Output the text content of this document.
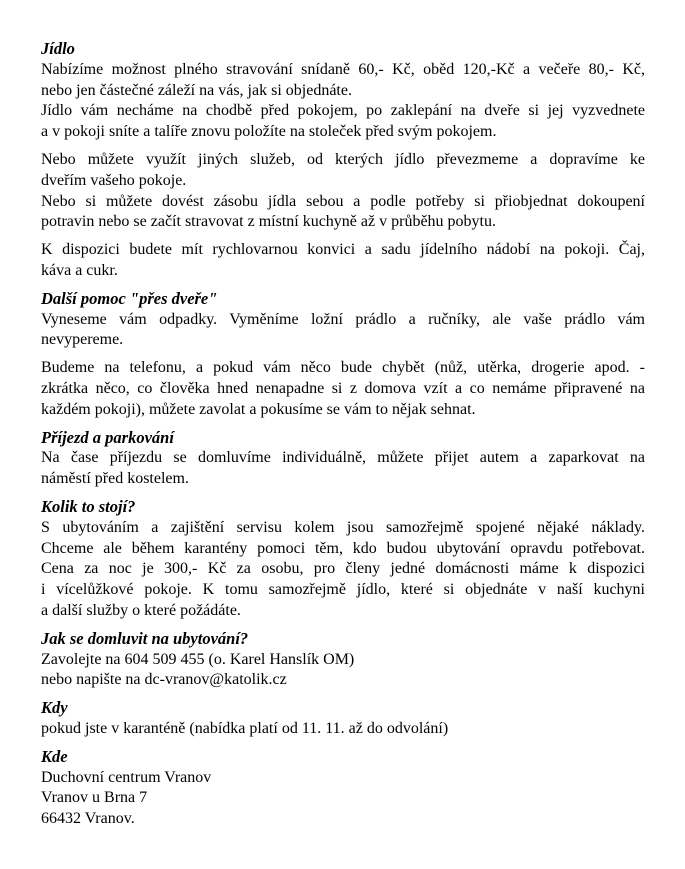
Jídlo
Nabízíme možnost plného stravování snídaně 60,- Kč, oběd 120,-Kč a večeře 80,- Kč,
nebo jen částečné záleží na vás, jak si objednáte.
Jídlo vám necháme na chodbě před pokojem, po zaklepání na dveře si jej vyzvednete
a v pokoji sníte a talíře znovu položíte na stoleček před svým pokojem.
Nebo můžete využít jiných služeb, od kterých jídlo převezmeme a dopravíme ke
dveřím vašeho pokoje.
Nebo si můžete dovést zásobu jídla sebou a podle potřeby si přiobjednat dokoupení
potravin nebo se začít stravovat z místní kuchyně až v průběhu pobytu.
K dispozici budete mít rychlovarnou konvici a sadu jídelního nádobí na pokoji. Čaj,
káva a cukr.
Další pomoc "přes dveře"
Vyneseme vám odpadky. Vyměníme ložní prádlo a ručníky, ale vaše prádlo vám
nevypereme.
Budeme na telefonu, a pokud vám něco bude chybět (nůž, utěrka, drogerie apod. -
zkrátka něco, co člověka hned nenapadne si z domova vzít a co nemáme připravené na
každém pokoji), můžete zavolat a pokusíme se vám to nějak sehnat.
Příjezd a parkování
Na čase příjezdu se domluvíme individuálně, můžete přijet autem a zaparkovat na
náměstí před kostelem.
Kolik to stojí?
S ubytováním a zajištění servisu kolem jsou samozřejmě spojené nějaké náklady.
Chceme ale během karantény pomoci těm, kdo budou ubytování opravdu potřebovat.
Cena za noc je 300,- Kč za osobu, pro členy jedné domácnosti máme k dispozici
i vícelůžkové pokoje. K tomu samozřejmě jídlo, které si objednáte v naší kuchyni
a další služby o které požádáte.
Jak se domluvit na ubytování?
Zavolejte na 604 509 455 (o. Karel Hanslík OM)
nebo napište na dc-vranov@katolik.cz
Kdy
pokud jste v karanténě (nabídka platí od 11. 11. až do odvolání)
Kde
Duchovní centrum Vranov
Vranov u Brna 7
66432 Vranov.
